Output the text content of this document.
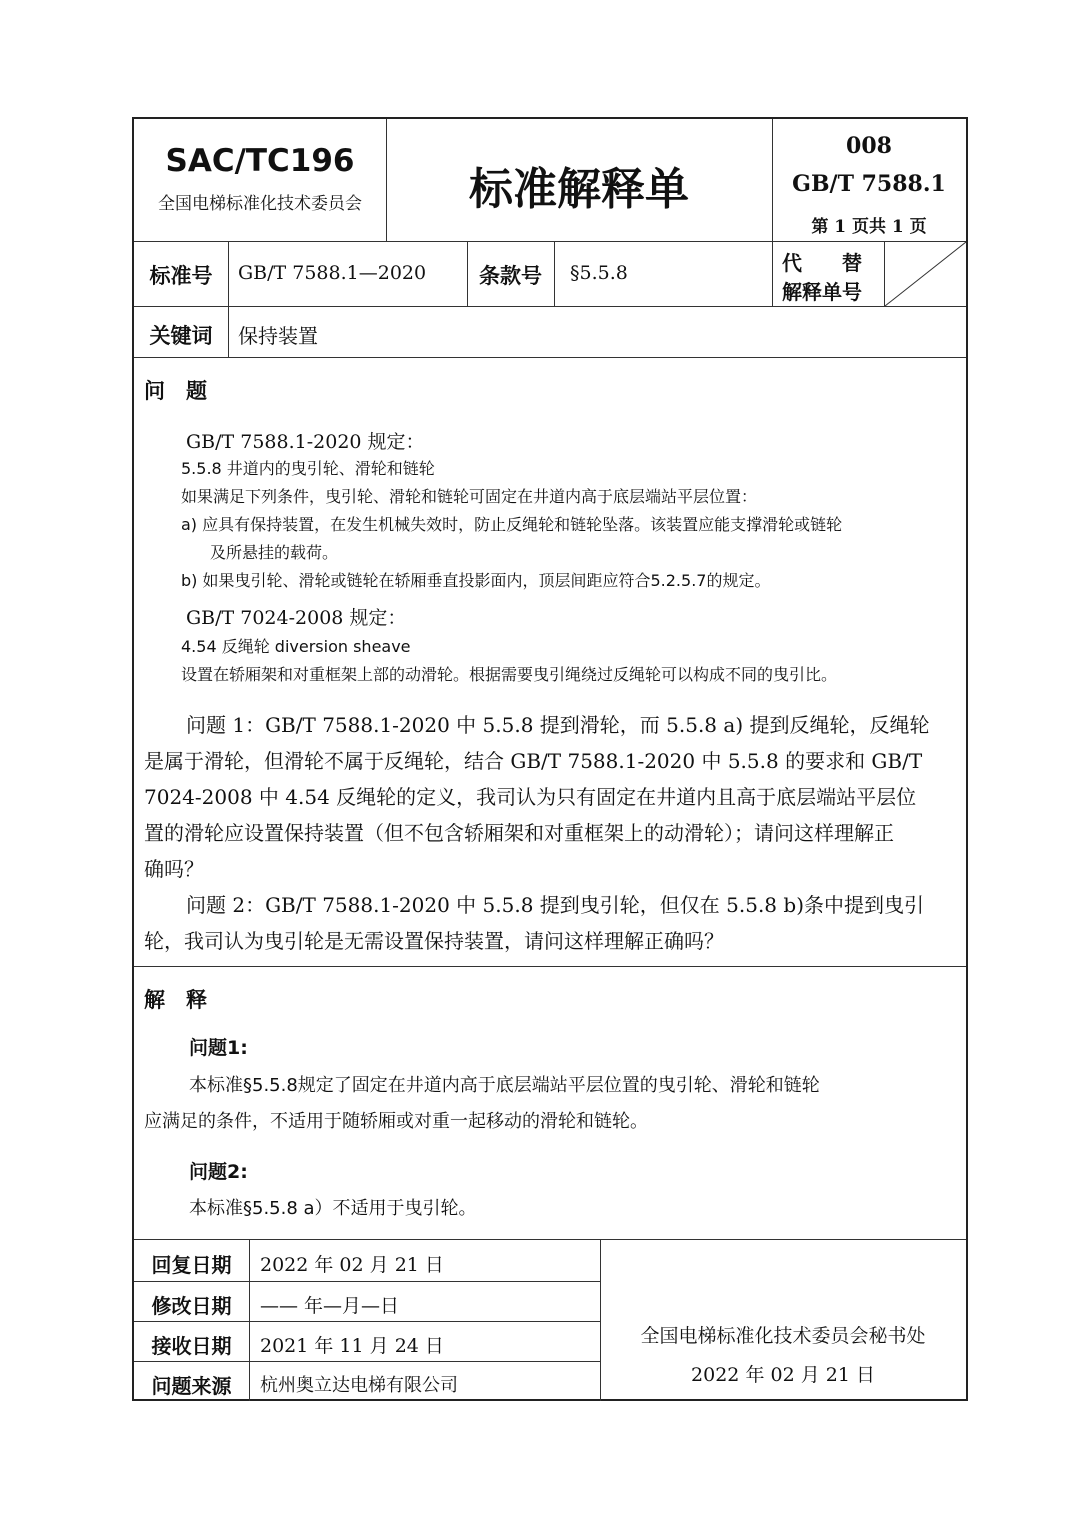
SAC/TC196
全国电梯标准化技术委员会	标准解释单
008
GB/T 7588.1
第 1 页共 1 页
标准号	GB/T 7588.1—2020	条款号	§5.5.8	代　　替
解释单号
关键词	保持装置
问　题
GB/T 7588.1-2020 规定：
5.5.8 井道内的曳引轮、滑轮和链轮
如果满足下列条件，曳引轮、滑轮和链轮可固定在井道内高于底层端站平层位置：
a) 应具有保持装置，在发生机械失效时，防止反绳轮和链轮坠落。该装置应能支撑滑轮或链轮
及所悬挂的载荷。
b) 如果曳引轮、滑轮或链轮在轿厢垂直投影面内，顶层间距应符合5.2.5.7的规定。
GB/T 7024-2008 规定：
4.54 反绳轮 diversion sheave
设置在轿厢架和对重框架上部的动滑轮。根据需要曳引绳绕过反绳轮可以构成不同的曳引比。
问题 1：GB/T 7588.1-2020 中 5.5.8 提到滑轮，而 5.5.8 a) 提到反绳轮，反绳轮
是属于滑轮，但滑轮不属于反绳轮，结合 GB/T 7588.1-2020 中 5.5.8 的要求和 GB/T
7024-2008 中 4.54 反绳轮的定义，我司认为只有固定在井道内且高于底层端站平层位
置的滑轮应设置保持装置（但不包含轿厢架和对重框架上的动滑轮）；请问这样理解正
确吗？
问题 2：GB/T 7588.1-2020 中 5.5.8 提到曳引轮，但仅在 5.5.8 b)条中提到曳引
轮，我司认为曳引轮是无需设置保持装置，请问这样理解正确吗？
解　释
问题1:
本标准§5.5.8规定了固定在井道内高于底层端站平层位置的曳引轮、滑轮和链轮
应满足的条件，不适用于随轿厢或对重一起移动的滑轮和链轮。
问题2:
本标准§5.5.8 a）不适用于曳引轮。
回复日期	2022 年 02 月 21 日
修改日期	—— 年—月—日
接收日期	2021 年 11 月 24 日
问题来源	杭州奥立达电梯有限公司
全国电梯标准化技术委员会秘书处
2022 年 02 月 21 日
